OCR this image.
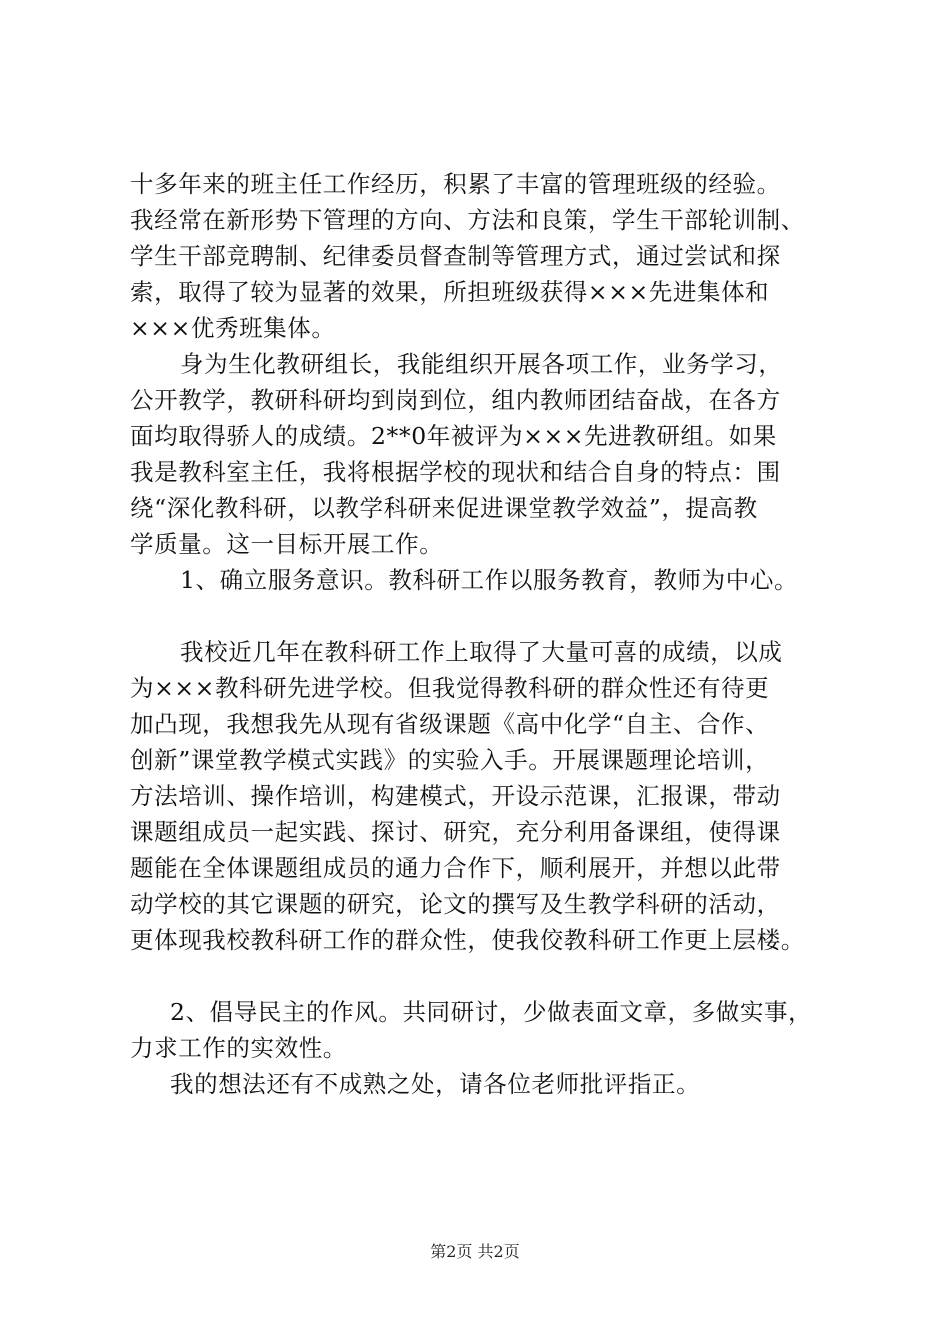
十多年来的班主任工作经历，积累了丰富的管理班级的经验。
我经常在新形势下管理的方向、方法和良策，学生干部轮训制、
学生干部竞聘制、纪律委员督查制等管理方式，通过尝试和探
索，取得了较为显著的效果，所担班级获得×××先进集体和
×××优秀班集体。
身为生化教研组长，我能组织开展各项工作，业务学习，
公开教学，教研科研均到岗到位，组内教师团结奋战，在各方
面均取得骄人的成绩。2**0年被评为×××先进教研组。如果
我是教科室主任，我将根据学校的现状和结合自身的特点：围
绕“深化教科研，以教学科研来促进课堂教学效益”，提高教
学质量。这一目标开展工作。
1、确立服务意识。教科研工作以服务教育，教师为中心。
我校近几年在教科研工作上取得了大量可喜的成绩，以成
为×××教科研先进学校。但我觉得教科研的群众性还有待更
加凸现，我想我先从现有省级课题《高中化学“自主、合作、
创新”课堂教学模式实践》的实验入手。开展课题理论培训，
方法培训、操作培训，构建模式，开设示范课，汇报课，带动
课题组成员一起实践、探讨、研究，充分利用备课组，使得课
题能在全体课题组成员的通力合作下，顺利展开，并想以此带
动学校的其它课题的研究，论文的撰写及生教学科研的活动，
更体现我校教科研工作的群众性，使我佼教科研工作更上层楼。
2、倡导民主的作风。共同研讨，少做表面文章，多做实事，
力求工作的实效性。
我的想法还有不成熟之处，请各位老师批评指正。
第2页 共2页
